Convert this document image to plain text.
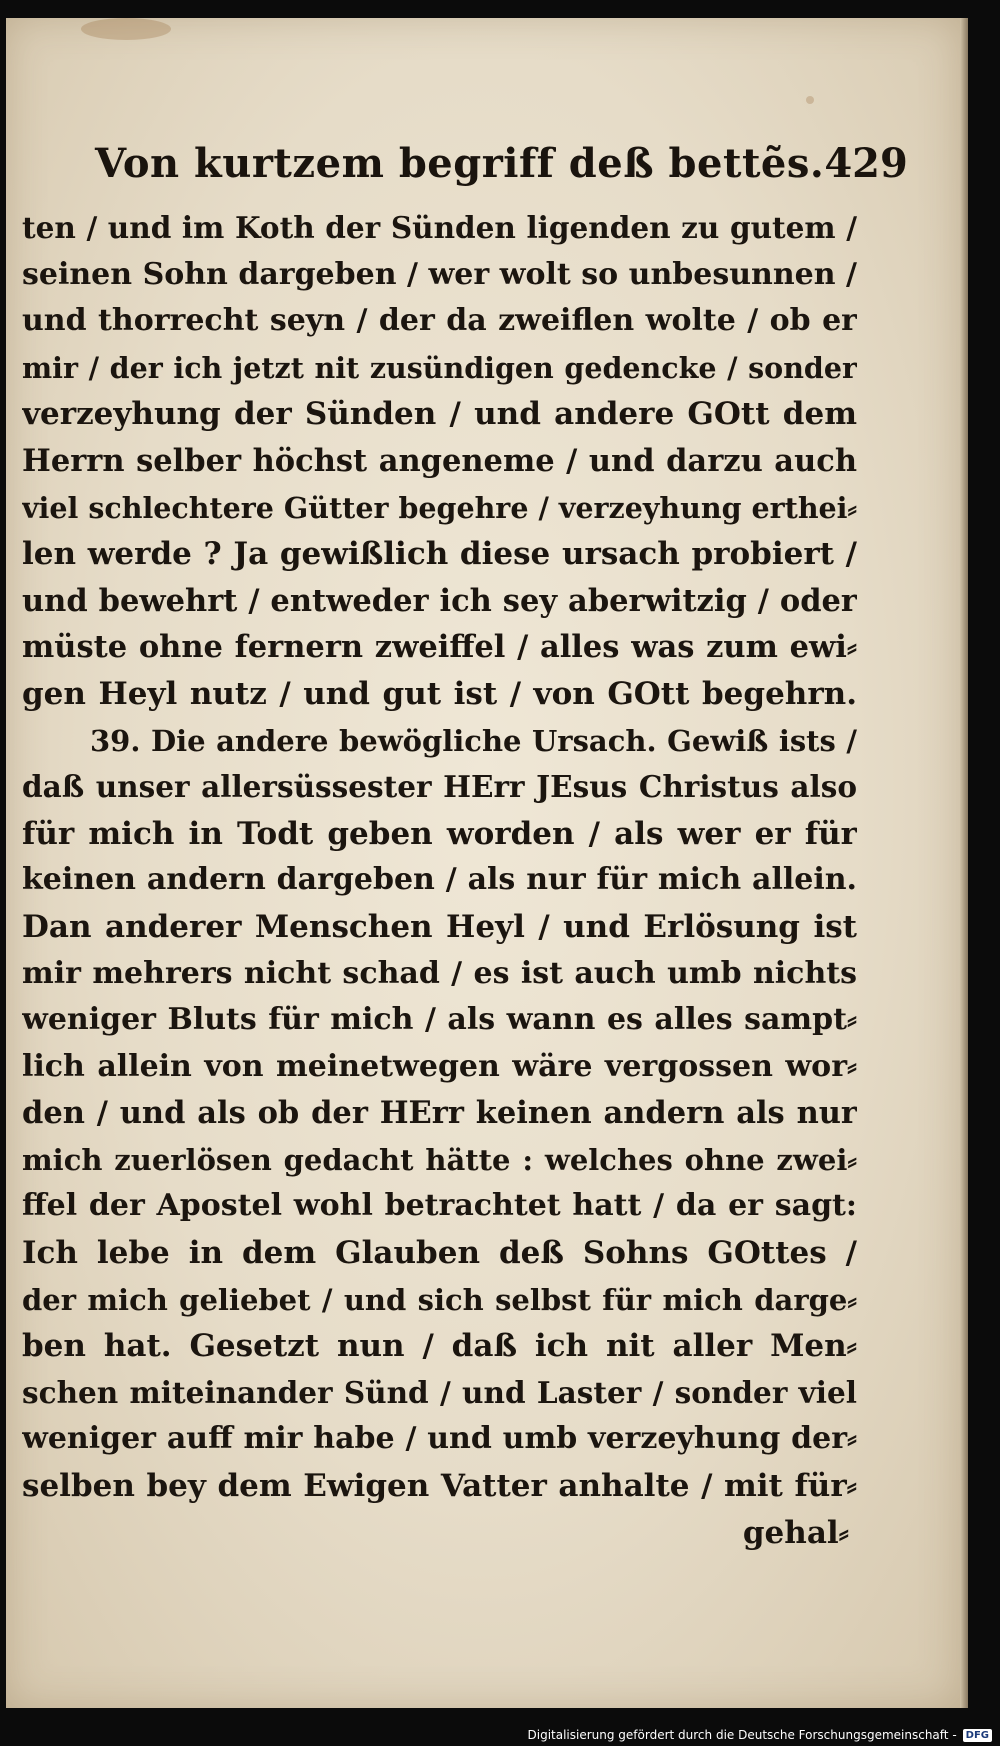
Von kurtzem begriff deß bettẽs. 429
ten / und im Koth der Sünden ligenden zu gutem /
seinen Sohn dargeben / wer wolt so unbesunnen /
und thorrecht seyn / der da zweiflen wolte / ob er
mir / der ich jetzt nit zusündigen gedencke / sonder
verzeyhung der Sünden / und andere GOtt dem
Herrn selber höchst angeneme / und darzu auch
viel schlechtere Gütter begehre / verzeyhung erthei⸗
len werde ? Ja gewißlich diese ursach probiert /
und bewehrt / entweder ich sey aberwitzig / oder
müste ohne fernern zweiffel / alles was zum ewi⸗
gen Heyl nutz / und gut ist / von GOtt begehrn.
39. Die andere bewögliche Ursach. Gewiß ists /
daß unser allersüssester HErr JEsus Christus also
für mich in Todt geben worden / als wer er für
keinen andern dargeben / als nur für mich allein.
Dan anderer Menschen Heyl / und Erlösung ist
mir mehrers nicht schad / es ist auch umb nichts
weniger Bluts für mich / als wann es alles sampt⸗
lich allein von meinetwegen wäre vergossen wor⸗
den / und als ob der HErr keinen andern als nur
mich zuerlösen gedacht hätte : welches ohne zwei⸗
ffel der Apostel wohl betrachtet hatt / da er sagt:
Ich lebe in dem Glauben deß Sohns GOttes /
der mich geliebet / und sich selbst für mich darge⸗
ben hat. Gesetzt nun / daß ich nit aller Men⸗
schen miteinander Sünd / und Laster / sonder viel
weniger auff mir habe / und umb verzeyhung der⸗
selben bey dem Ewigen Vatter anhalte / mit für⸗
gehal⸗
Digitalisierung gefördert durch die Deutsche Forschungsgemeinschaft - DFG
